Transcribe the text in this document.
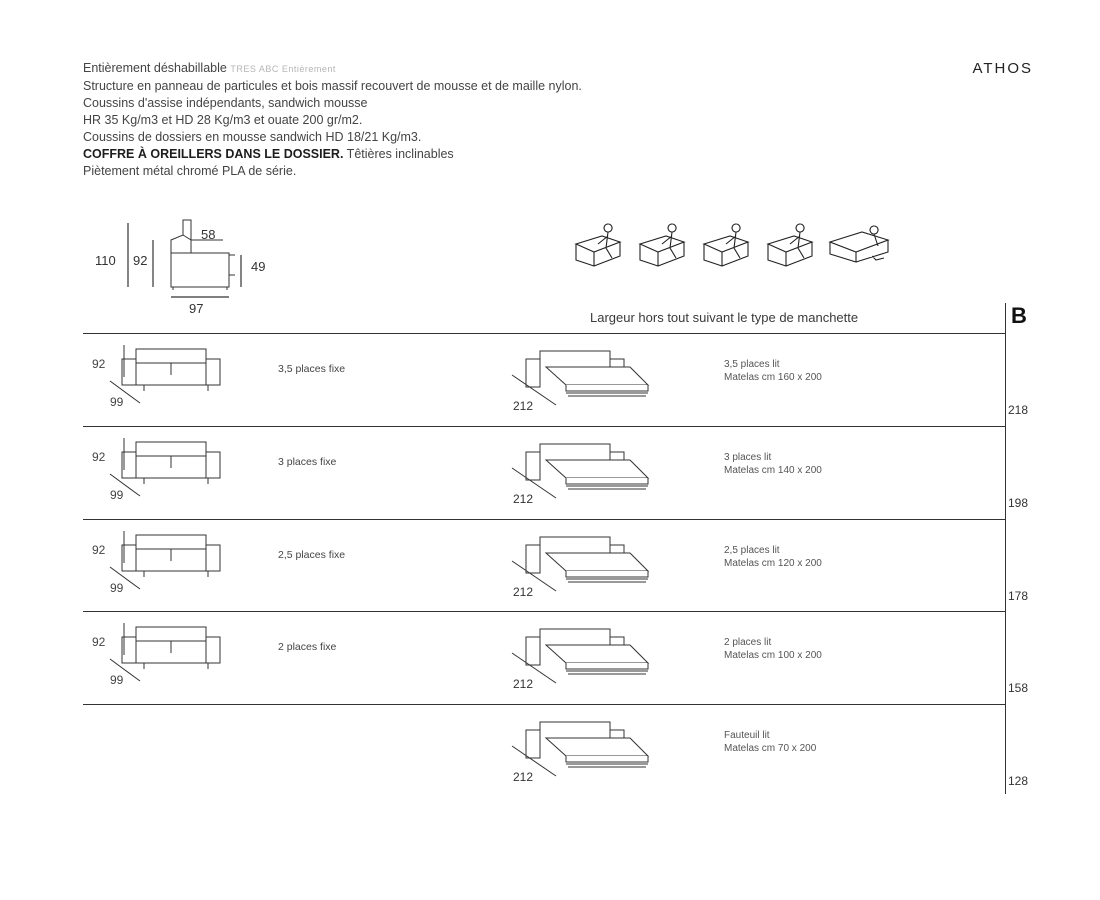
Entièrement déshabillable TRES ABC Entièrement
Structure en panneau de particules et bois massif recouvert de mousse et de maille nylon.
Coussins d'assise indépendants, sandwich mousse
HR 35 Kg/m3 et HD 28 Kg/m3 et ouate 200 gr/m2.
Coussins de dossiers en mousse sandwich HD 18/21 Kg/m3.
COFFRE À OREILLERS DANS LE DOSSIER. Têtières inclinables
Piètement métal chromé PLA de série.
ATHOS
110 92
58
49
97
Largeur hors tout suivant le type de manchette	B
92
99
3,5 places fixe
212
3,5 places lit
Matelas cm 160 x 200
218
92
99
3 places fixe
212
3 places lit
Matelas cm 140 x 200
198
92
99
2,5 places fixe
212
2,5 places lit
Matelas cm 120 x 200
178
92
99
2 places fixe
212
2 places lit
Matelas cm 100 x 200
158
212
Fauteuil lit
Matelas cm 70 x 200
128
